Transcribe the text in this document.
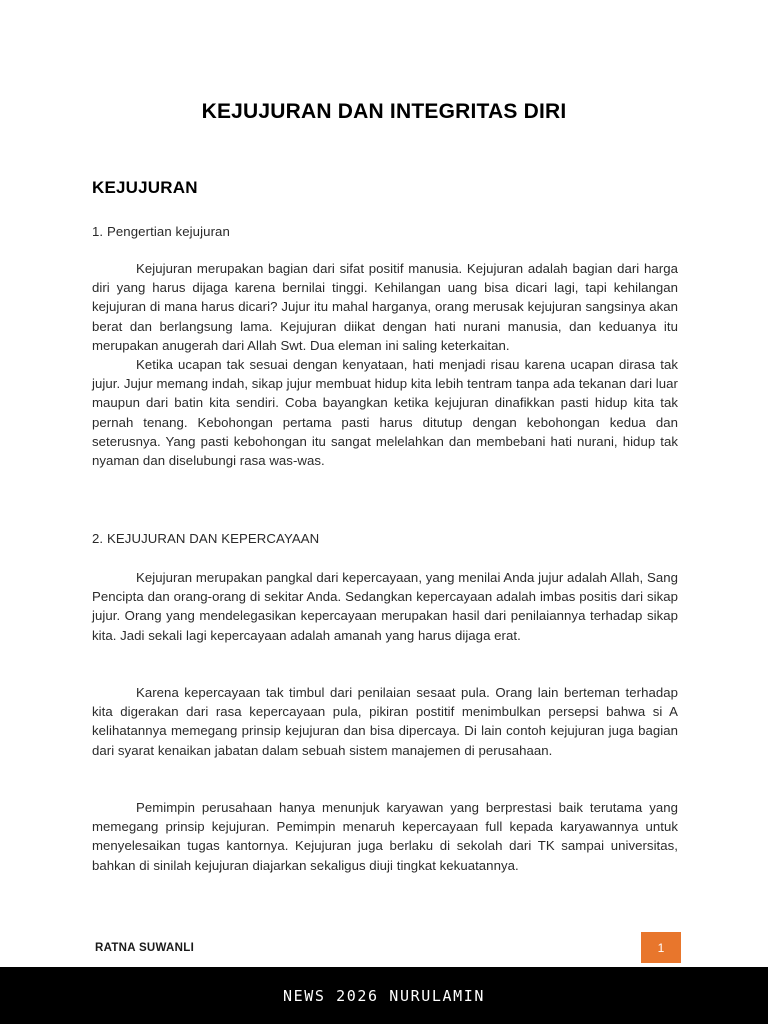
KEJUJURAN DAN INTEGRITAS DIRI
KEJUJURAN
1. Pengertian kejujuran

Kejujuran merupakan bagian dari sifat positif manusia. Kejujuran adalah bagian dari harga diri yang harus dijaga karena bernilai tinggi. Kehilangan uang bisa dicari lagi, tapi kehilangan kejujuran di mana harus dicari? Jujur itu mahal harganya, orang merusak kejujuran sangsinya akan berat dan berlangsung lama. Kejujuran diikat dengan hati nurani manusia, dan keduanya itu merupakan anugerah dari Allah Swt. Dua eleman ini saling keterkaitan.

Ketika ucapan tak sesuai dengan kenyataan, hati menjadi risau karena ucapan dirasa tak jujur. Jujur memang indah, sikap jujur membuat hidup kita lebih tentram tanpa ada tekanan dari luar maupun dari batin kita sendiri. Coba bayangkan ketika kejujuran dinafikkan pasti hidup kita tak pernah tenang. Kebohongan pertama pasti harus ditutup dengan kebohongan kedua dan seterusnya. Yang pasti kebohongan itu sangat melelahkan dan membebani hati nurani, hidup tak nyaman dan diselubungi rasa was-was.

2. KEJUJURAN DAN KEPERCAYAAN

Kejujuran merupakan pangkal dari kepercayaan, yang menilai Anda jujur adalah Allah, Sang Pencipta dan orang-orang di sekitar Anda. Sedangkan kepercayaan adalah imbas positis dari sikap jujur. Orang yang mendelegasikan kepercayaan merupakan hasil dari penilaiannya terhadap sikap kita. Jadi sekali lagi kepercayaan adalah amanah yang harus dijaga erat.

Karena kepercayaan tak timbul dari penilaian sesaat pula. Orang lain berteman terhadap kita digerakan dari rasa kepercayaan pula, pikiran postitif menimbulkan persepsi bahwa si A kelihatannya memegang prinsip kejujuran dan bisa dipercaya. Di lain contoh kejujuran juga bagian dari syarat kenaikan jabatan dalam sebuah sistem manajemen di perusahaan.

Pemimpin perusahaan hanya menunjuk karyawan yang berprestasi baik terutama yang memegang prinsip kejujuran. Pemimpin menaruh kepercayaan full kepada karyawannya untuk menyelesaikan tugas kantornya. Kejujuran juga berlaku di sekolah dari TK sampai universitas, bahkan di sinilah kejujuran diajarkan sekaligus diuji tingkat kekuatannya.

RATNA SUWANLI	1
NEWS 2026 NURULAMIN
